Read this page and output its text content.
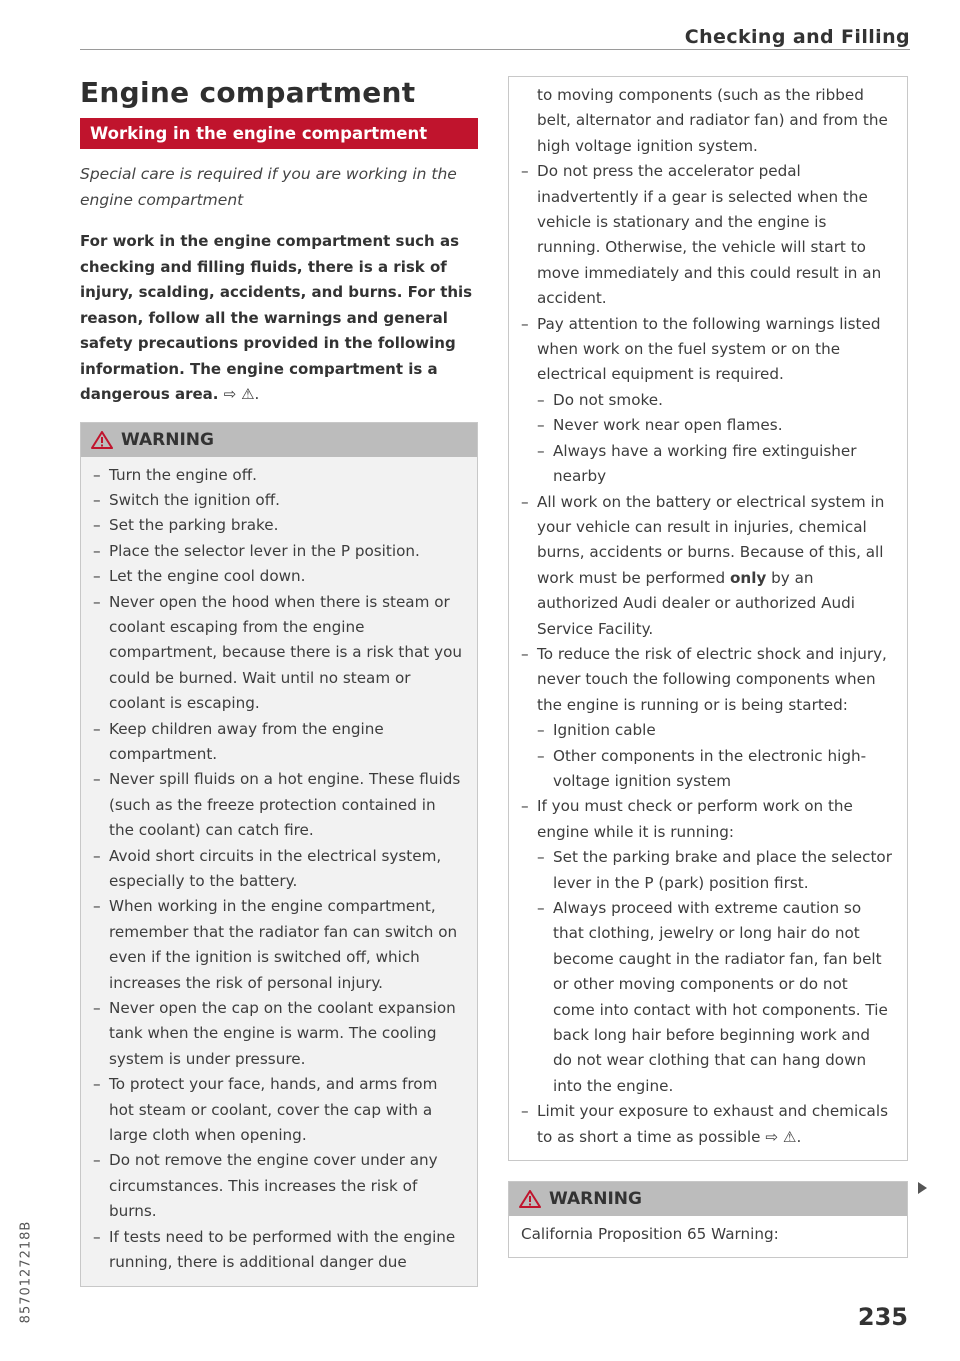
Checking and Filling
Engine compartment
Working in the engine compartment

Special care is required if you are working in the engine compartment

For work in the engine compartment such as checking and filling fluids, there is a risk of injury, scalding, accidents, and burns. For this reason, follow all the warnings and general safety precautions provided in the following information. The engine compartment is a dangerous area. ⇨ ⚠.

WARNING
– Turn the engine off.
– Switch the ignition off.
– Set the parking brake.
– Place the selector lever in the P position.
– Let the engine cool down.
– Never open the hood when there is steam or coolant escaping from the engine compartment, because there is a risk that you could be burned. Wait until no steam or coolant is escaping.
– Keep children away from the engine compartment.
– Never spill fluids on a hot engine. These fluids (such as the freeze protection contained in the coolant) can catch fire.
– Avoid short circuits in the electrical system, especially to the battery.
– When working in the engine compartment, remember that the radiator fan can switch on even if the ignition is switched off, which increases the risk of personal injury.
– Never open the cap on the coolant expansion tank when the engine is warm. The cooling system is under pressure.
– To protect your face, hands, and arms from hot steam or coolant, cover the cap with a large cloth when opening.
– Do not remove the engine cover under any circumstances. This increases the risk of burns.
– If tests need to be performed with the engine running, there is additional danger due
to moving components (such as the ribbed belt, alternator and radiator fan) and from the high voltage ignition system.
– Do not press the accelerator pedal inadvertently if a gear is selected when the vehicle is stationary and the engine is running. Otherwise, the vehicle will start to move immediately and this could result in an accident.
– Pay attention to the following warnings listed when work on the fuel system or on the electrical equipment is required.
– Do not smoke.
– Never work near open flames.
– Always have a working fire extinguisher nearby
– All work on the battery or electrical system in your vehicle can result in injuries, chemical burns, accidents or burns. Because of this, all work must be performed only by an authorized Audi dealer or authorized Audi Service Facility.
– To reduce the risk of electric shock and injury, never touch the following components when the engine is running or is being started:
– Ignition cable
– Other components in the electronic high-voltage ignition system
– If you must check or perform work on the engine while it is running:
– Set the parking brake and place the selector lever in the P (park) position first.
– Always proceed with extreme caution so that clothing, jewelry or long hair do not become caught in the radiator fan, fan belt or other moving components or do not come into contact with hot components. Tie back long hair before beginning work and do not wear clothing that can hang down into the engine.
– Limit your exposure to exhaust and chemicals to as short a time as possible ⇨ ⚠.
WARNING
California Proposition 65 Warning:
8570127218B	235
